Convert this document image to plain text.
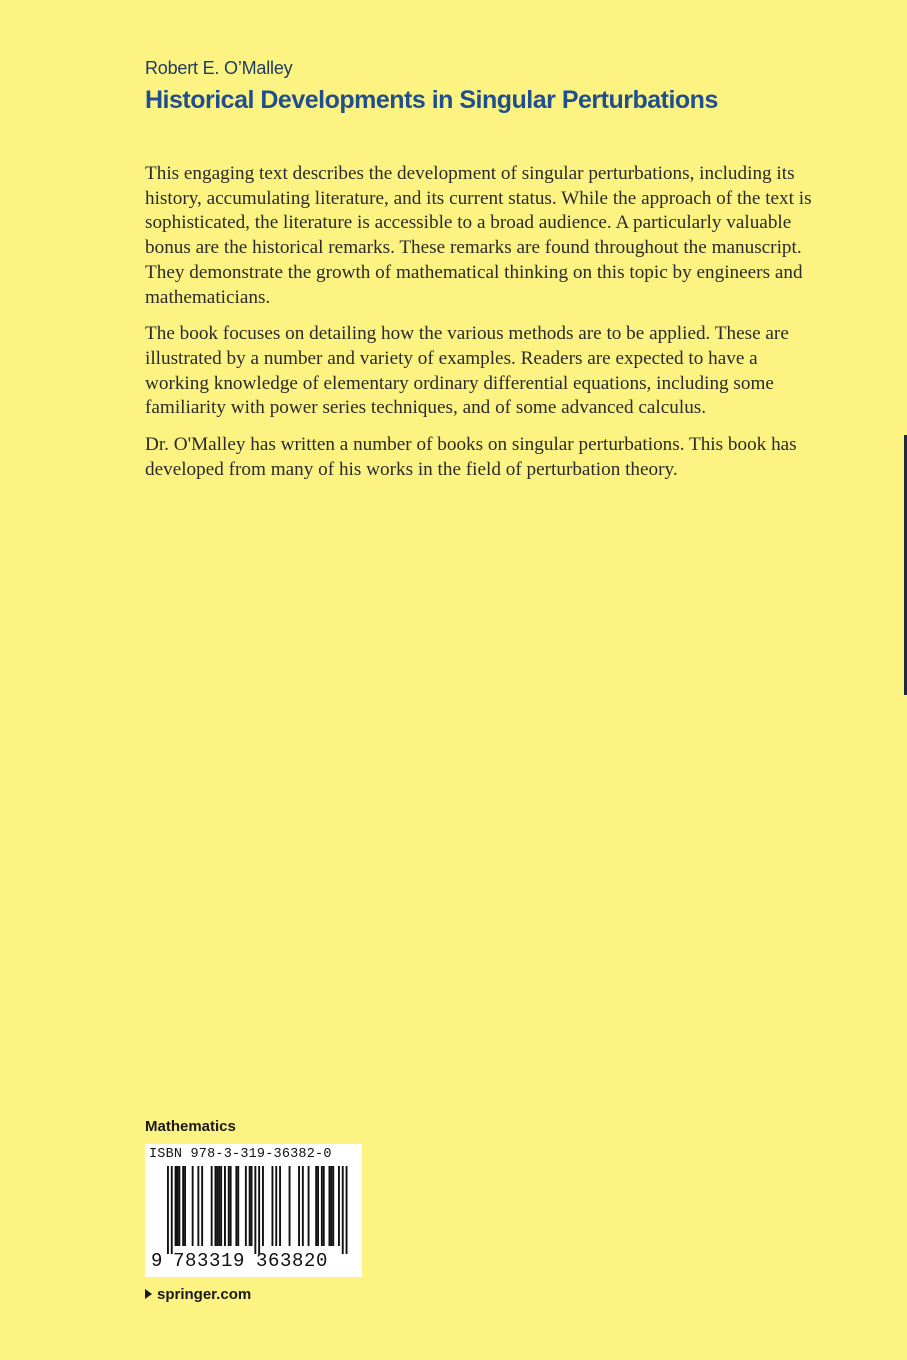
Robert E. O’Malley
Historical Developments in Singular Perturbations

This engaging text describes the development of singular perturbations, including its history, accumulating literature, and its current status. While the approach of the text is sophisticated, the literature is accessible to a broad audience. A particularly valuable bonus are the historical remarks. These remarks are found throughout the manuscript. They demonstrate the growth of mathematical thinking on this topic by engineers and mathematicians.

The book focuses on detailing how the various methods are to be applied. These are illustrated by a number and variety of examples. Readers are expected to have a working knowledge of elementary ordinary differential equations, including some familiarity with power series techniques, and of some advanced calculus.

Dr. O'Malley has written a number of books on singular perturbations. This book has developed from many of his works in the field of perturbation theory.

Mathematics
ISBN 978-3-319-36382-0
9 783319 363820
springer.com
